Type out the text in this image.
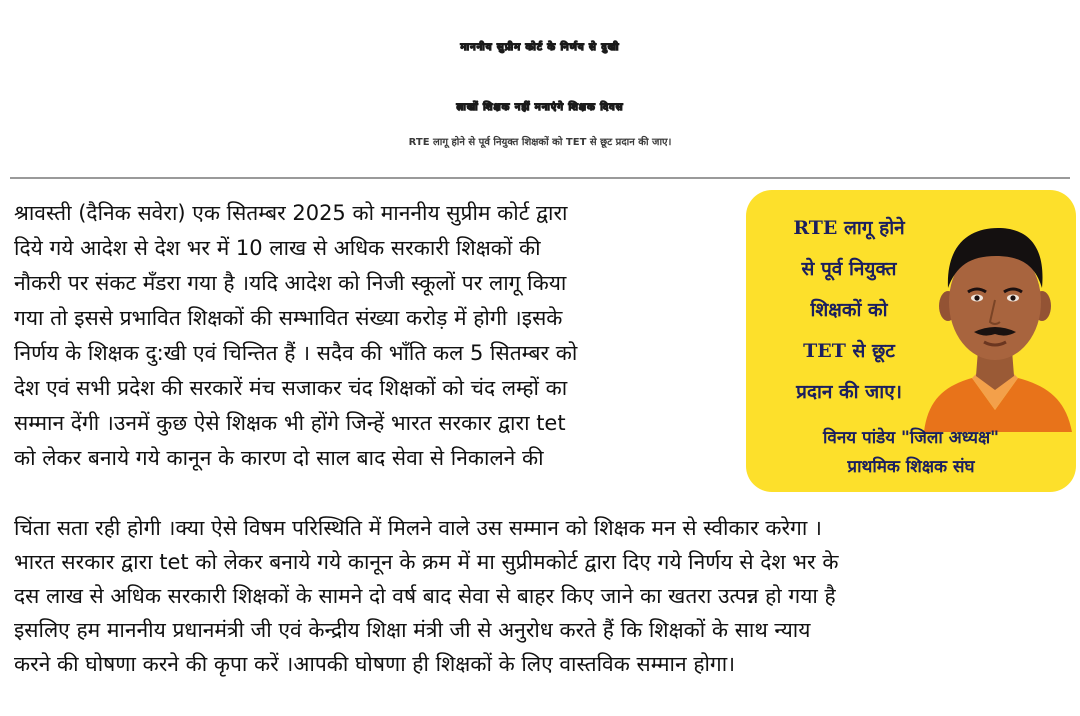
माननीय सुप्रीम कोर्ट के निर्णय से दुखी
लाखों शिक्षक नहीं मनाएंगे शिक्षक दिवस
RTE लागू होने से पूर्व नियुक्त शिक्षकों को TET से छूट प्रदान की जाए।
श्रावस्ती (दैनिक सवेरा) एक सितम्बर 2025 को माननीय सुप्रीम कोर्ट द्वारा
दिये गये आदेश से देश भर में 10 लाख से अधिक सरकारी शिक्षकों की
नौकरी पर संकट मँडरा गया है ।यदि आदेश को निजी स्कूलों पर लागू किया
गया तो इससे प्रभावित शिक्षकों की सम्भावित संख्या करोड़ में होगी ।इसके
निर्णय के शिक्षक दु:खी एवं चिन्तित हैं । सदैव की भाँति कल 5 सितम्बर को
देश एवं सभी प्रदेश की सरकारें मंच सजाकर चंद शिक्षकों को चंद लम्हों का
सम्मान देंगी ।उनमें कुछ ऐसे शिक्षक भी होंगे जिन्हें भारत सरकार द्वारा tet
को लेकर बनाये गये कानून के कारण दो साल बाद सेवा से निकालने की
चिंता सता रही होगी ।क्या ऐसे विषम परिस्थिति में मिलने वाले उस सम्मान को शिक्षक मन से स्वीकार करेगा ।
भारत सरकार द्वारा tet को लेकर बनाये गये कानून के क्रम में मा सुप्रीमकोर्ट द्वारा दिए गये निर्णय से देश भर के
दस लाख से अधिक सरकारी शिक्षकों के सामने दो वर्ष बाद सेवा से बाहर किए जाने का खतरा उत्पन्न हो गया है
इसलिए हम माननीय प्रधानमंत्री जी एवं केन्द्रीय शिक्षा मंत्री जी से अनुरोध करते हैं कि शिक्षकों के साथ न्याय
करने की घोषणा करने की कृपा करें ।आपकी घोषणा ही शिक्षकों के लिए वास्तविक सम्मान होगा।
RTE लागू होने
से पूर्व नियुक्त
शिक्षकों को
TET से छूट
प्रदान की जाए।
विनय पांडेय "जिला अध्यक्ष"
प्राथमिक शिक्षक संघ
